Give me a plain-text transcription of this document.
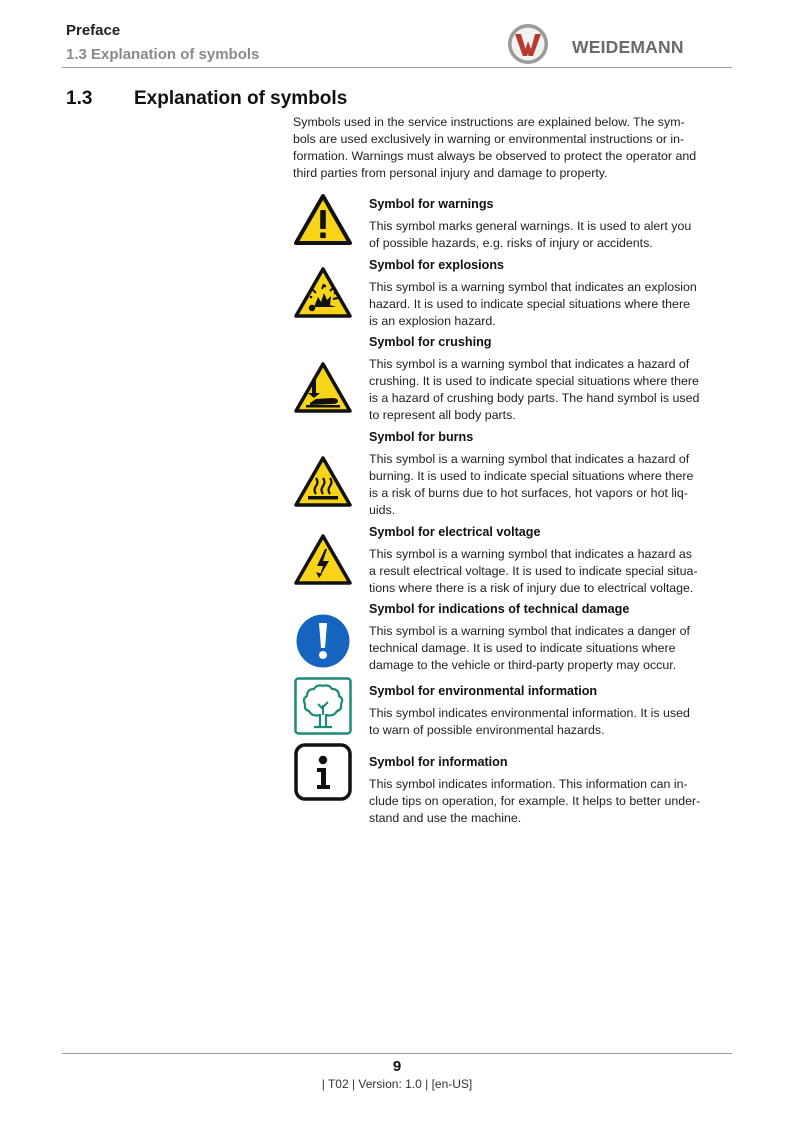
Preface
1.3 Explanation of symbols	WEIDEMANN
1.3 Explanation of symbols
Symbols used in the service instructions are explained below. The sym-
bols are used exclusively in warning or environmental instructions or in-
formation. Warnings must always be observed to protect the operator and
third parties from personal injury and damage to property.
Symbol for warnings
This symbol marks general warnings. It is used to alert you
of possible hazards, e.g. risks of injury or accidents.
Symbol for explosions
This symbol is a warning symbol that indicates an explosion
hazard. It is used to indicate special situations where there
is an explosion hazard.
Symbol for crushing
This symbol is a warning symbol that indicates a hazard of
crushing. It is used to indicate special situations where there
is a hazard of crushing body parts. The hand symbol is used
to represent all body parts.
Symbol for burns
This symbol is a warning symbol that indicates a hazard of
burning. It is used to indicate special situations where there
is a risk of burns due to hot surfaces, hot vapors or hot liq-
uids.
Symbol for electrical voltage
This symbol is a warning symbol that indicates a hazard as
a result electrical voltage. It is used to indicate special situa-
tions where there is a risk of injury due to electrical voltage.
Symbol for indications of technical damage
This symbol is a warning symbol that indicates a danger of
technical damage. It is used to indicate situations where
damage to the vehicle or third-party property may occur.
Symbol for environmental information
This symbol indicates environmental information. It is used
to warn of possible environmental hazards.
Symbol for information
This symbol indicates information. This information can in-
clude tips on operation, for example. It helps to better under-
stand and use the machine.
9
| T02 | Version: 1.0 | [en-US]
